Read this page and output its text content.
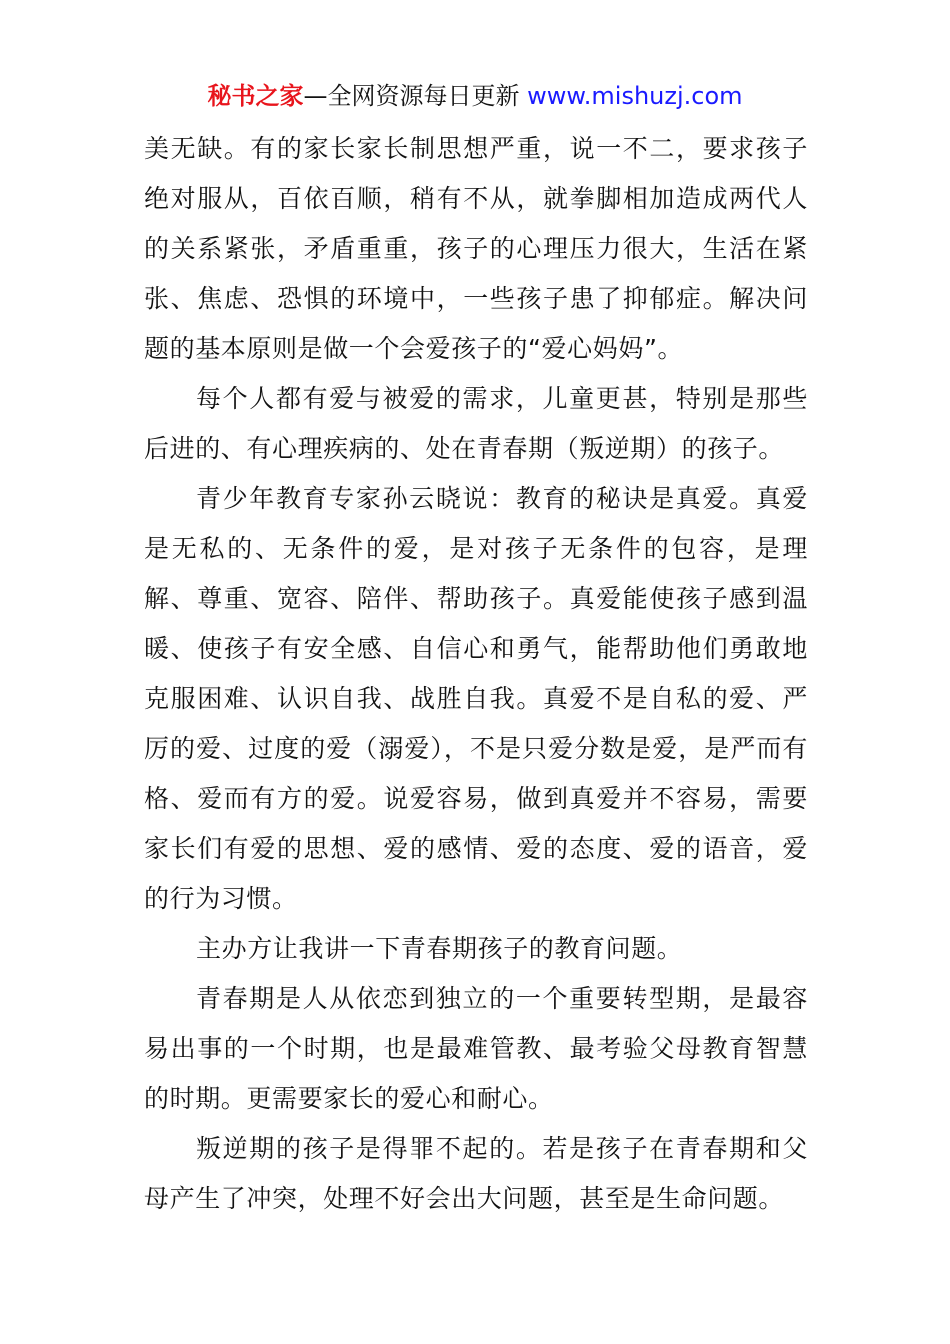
秘书之家—全网资源每日更新 www.mishuzj.com

美无缺。有的家长家长制思想严重，说一不二，要求孩子绝对服从，百依百顺，稍有不从，就拳脚相加造成两代人的关系紧张，矛盾重重，孩子的心理压力很大，生活在紧张、焦虑、恐惧的环境中，一些孩子患了抑郁症。解决问题的基本原则是做一个会爱孩子的“爱心妈妈”。

每个人都有爱与被爱的需求，儿童更甚，特别是那些后进的、有心理疾病的、处在青春期（叛逆期）的孩子。

青少年教育专家孙云晓说：教育的秘诀是真爱。真爱是无私的、无条件的爱，是对孩子无条件的包容，是理解、尊重、宽容、陪伴、帮助孩子。真爱能使孩子感到温暖、使孩子有安全感、自信心和勇气，能帮助他们勇敢地克服困难、认识自我、战胜自我。真爱不是自私的爱、严厉的爱、过度的爱（溺爱），不是只爱分数是爱，是严而有格、爱而有方的爱。说爱容易，做到真爱并不容易，需要家长们有爱的思想、爱的感情、爱的态度、爱的语音，爱的行为习惯。

主办方让我讲一下青春期孩子的教育问题。

青春期是人从依恋到独立的一个重要转型期，是最容易出事的一个时期，也是最难管教、最考验父母教育智慧的时期。更需要家长的爱心和耐心。

叛逆期的孩子是得罪不起的。若是孩子在青春期和父母产生了冲突，处理不好会出大问题，甚至是生命问题。
